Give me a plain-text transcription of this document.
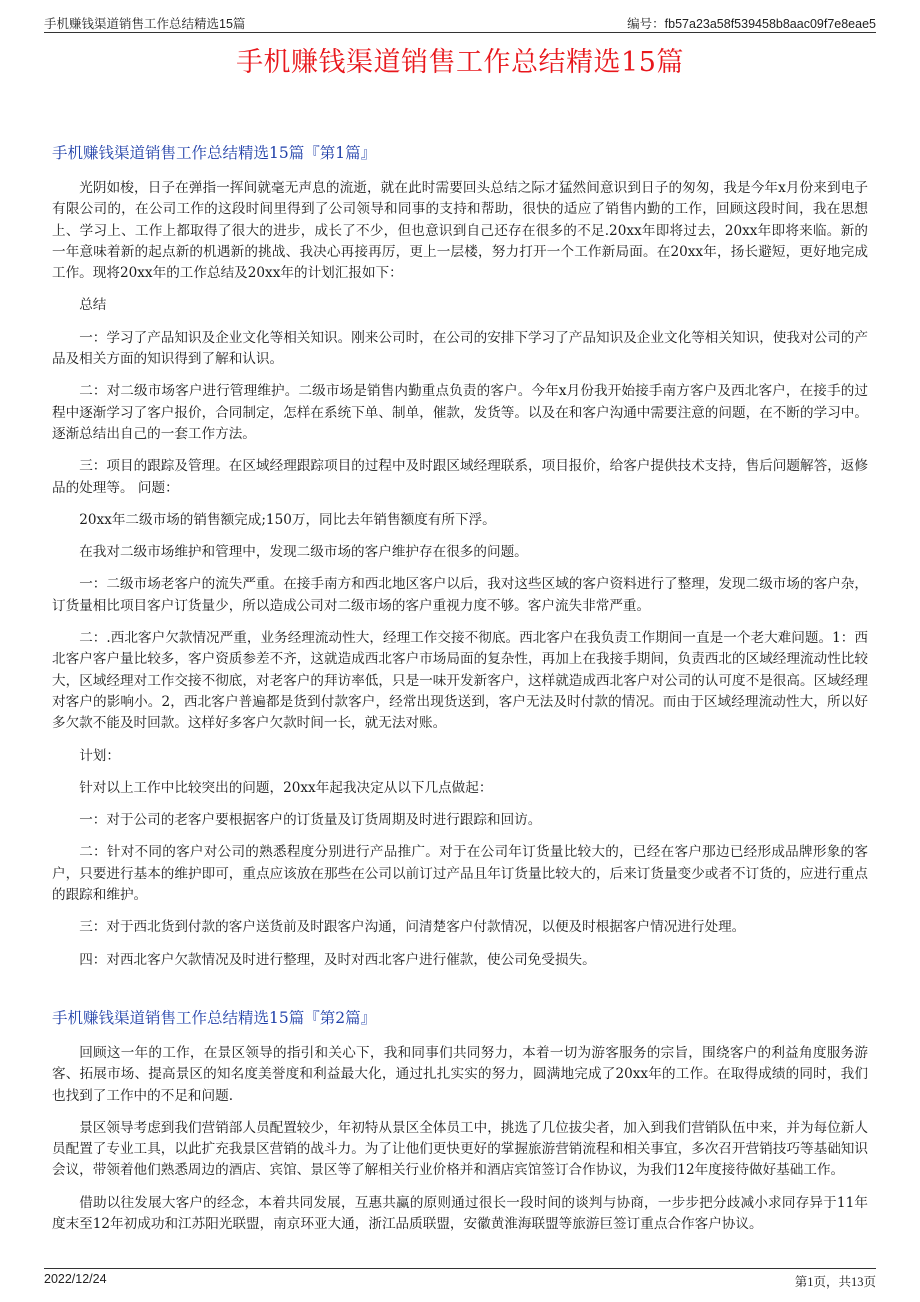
手机赚钱渠道销售工作总结精选15篇	编号：fb57a23a58f539458b8aac09f7e8eae5
手机赚钱渠道销售工作总结精选15篇
手机赚钱渠道销售工作总结精选15篇『第1篇』

光阴如梭，日子在弹指一挥间就毫无声息的流逝，就在此时需要回头总结之际才猛然间意识到日子的匆匆，我是今年x月份来到电子有限公司的，在公司工作的这段时间里得到了公司领导和同事的支持和帮助，很快的适应了销售内勤的工作，回顾这段时间，我在思想上、学习上、工作上都取得了很大的进步，成长了不少，但也意识到自己还存在很多的不足.20xx年即将过去，20xx年即将来临。新的一年意味着新的起点新的机遇新的挑战、我决心再接再厉，更上一层楼，努力打开一个工作新局面。在20xx年，扬长避短，更好地完成工作。现将20xx年的工作总结及20xx年的计划汇报如下：

总结

一：学习了产品知识及企业文化等相关知识。刚来公司时，在公司的安排下学习了产品知识及企业文化等相关知识，使我对公司的产品及相关方面的知识得到了解和认识。

二：对二级市场客户进行管理维护。二级市场是销售内勤重点负责的客户。今年x月份我开始接手南方客户及西北客户，在接手的过程中逐渐学习了客户报价，合同制定，怎样在系统下单、制单，催款，发货等。以及在和客户沟通中需要注意的问题，在不断的学习中。逐渐总结出自己的一套工作方法。

三：项目的跟踪及管理。在区域经理跟踪项目的过程中及时跟区域经理联系，项目报价，给客户提供技术支持，售后问题解答，返修品的处理等。 问题：

20xx年二级市场的销售额完成;150万，同比去年销售额度有所下浮。

在我对二级市场维护和管理中，发现二级市场的客户维护存在很多的问题。

一：二级市场老客户的流失严重。在接手南方和西北地区客户以后，我对这些区域的客户资料进行了整理，发现二级市场的客户杂，订货量相比项目客户订货量少，所以造成公司对二级市场的客户重视力度不够。客户流失非常严重。

二：.西北客户欠款情况严重，业务经理流动性大，经理工作交接不彻底。西北客户在我负责工作期间一直是一个老大难问题。1：西北客户客户量比较多，客户资质参差不齐，这就造成西北客户市场局面的复杂性，再加上在我接手期间，负责西北的区域经理流动性比较大，区域经理对工作交接不彻底，对老客户的拜访率低，只是一味开发新客户，这样就造成西北客户对公司的认可度不是很高。区域经理对客户的影响小。2，西北客户普遍都是货到付款客户，经常出现货送到，客户无法及时付款的情况。而由于区域经理流动性大，所以好多欠款不能及时回款。这样好多客户欠款时间一长，就无法对账。

计划：

针对以上工作中比较突出的问题，20xx年起我决定从以下几点做起：

一：对于公司的老客户要根据客户的订货量及订货周期及时进行跟踪和回访。

二：针对不同的客户对公司的熟悉程度分别进行产品推广。对于在公司年订货量比较大的，已经在客户那边已经形成品牌形象的客户，只要进行基本的维护即可，重点应该放在那些在公司以前订过产品且年订货量比较大的，后来订货量变少或者不订货的，应进行重点的跟踪和维护。

三：对于西北货到付款的客户送货前及时跟客户沟通，问清楚客户付款情况，以便及时根据客户情况进行处理。

四：对西北客户欠款情况及时进行整理，及时对西北客户进行催款，使公司免受损失。

手机赚钱渠道销售工作总结精选15篇『第2篇』

回顾这一年的工作，在景区领导的指引和关心下，我和同事们共同努力，本着一切为游客服务的宗旨，围绕客户的利益角度服务游客、拓展市场、提高景区的知名度美誉度和利益最大化，通过扎扎实实的努力，圆满地完成了20xx年的工作。在取得成绩的同时，我们也找到了工作中的不足和问题.

景区领导考虑到我们营销部人员配置较少，年初特从景区全体员工中，挑选了几位拔尖者，加入到我们营销队伍中来，并为每位新人员配置了专业工具，以此扩充我景区营销的战斗力。为了让他们更快更好的掌握旅游营销流程和相关事宜，多次召开营销技巧等基础知识会议，带领着他们熟悉周边的酒店、宾馆、景区等了解相关行业价格并和酒店宾馆签订合作协议，为我们12年度接待做好基础工作。

借助以往发展大客户的经念，本着共同发展，互惠共赢的原则通过很长一段时间的谈判与协商，一步步把分歧减小求同存异于11年度末至12年初成功和江苏阳光联盟，南京环亚大通，浙江品质联盟，安徽黄淮海联盟等旅游巨签订重点合作客户协议。

2022/12/24	第1页，共13页
